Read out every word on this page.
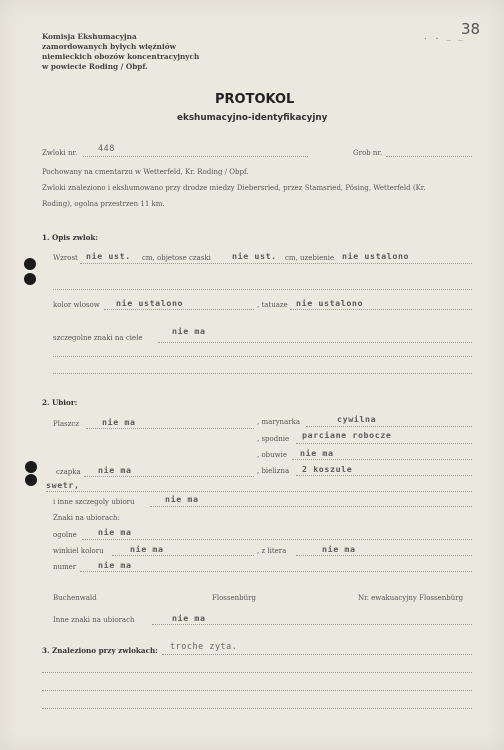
Komisja Ekshumacyjna
zamordowanych byłych więźniów
niemieckich obozów koncentracyjnych
w powiecie Roding / Obpf.
. . _ _
38
PROTOKOL
ekshumacyjno-identyfikacyjny
Zwloki nr. 448	Grob nr.
Pochowany na cmentarzu w Wetterfeld, Kr. Roding / Obpf.
Zwloki znaleziono i ekshumowano przy drodze miedzy Diebersried, przez Stamsried, Pösing, Wetterfeld (Kr.
Roding), ogolna przestrzen 11 km.
1. Opis zwlok:
Wzrost nie ust. cm, objetose czaski	nie ust. cm, uzebienie nie ustalono
kolor wlosow nie ustalono	, tatuaze nie ustalono
szczegolne znaki na ciele
nie ma
2. Ubior:
Plaszcz	nie ma	, marynarka	cywilna
, spodnie parciane robocze
, obuwie nie ma
czapka nie ma	, bielizna 2 koszule
swetr,
i inne szczegoly ubioru	nie ma
Znaki na ubiorach:
ogolne	nie ma
winkiel koloru	nie ma	, z litera	nie ma
numer	nie ma
Buchenwald	Flossenbürg	Nr. ewakuacyjny Flossenbürg
Inne znaki na ubiorach	nie ma
3. Znaleziono przy zwlokach: troche zyta.
